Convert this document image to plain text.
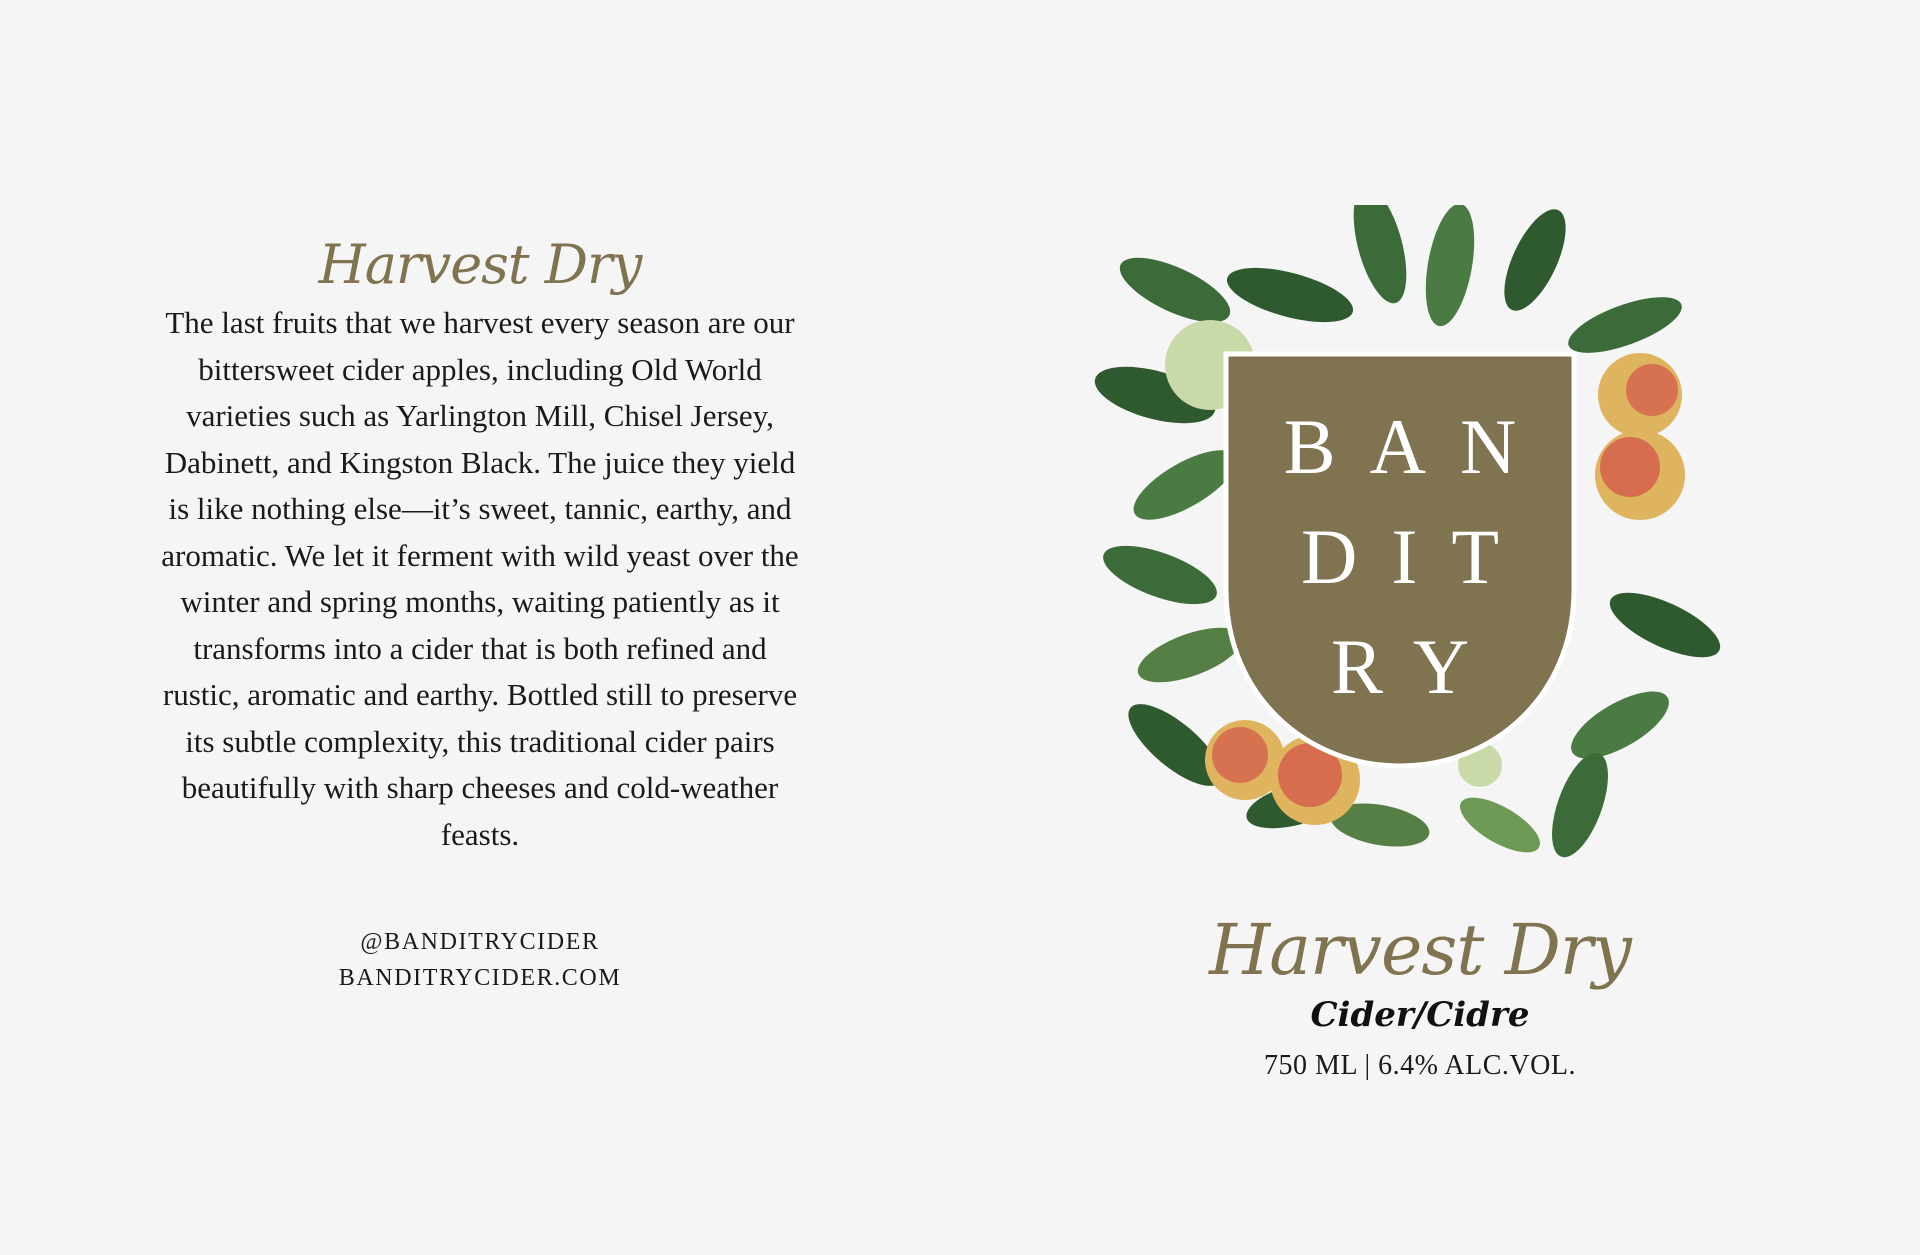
Harvest Dry

The last fruits that we harvest every season are our bittersweet cider apples, including Old World varieties such as Yarlington Mill, Chisel Jersey, Dabinett, and Kingston Black. The juice they yield is like nothing else—it’s sweet, tannic, earthy, and aromatic. We let it ferment with wild yeast over the winter and spring months, waiting patiently as it transforms into a cider that is both refined and rustic, aromatic and earthy. Bottled still to preserve its subtle complexity, this traditional cider pairs beautifully with sharp cheeses and cold-weather feasts.

@BANDITRYCIDER
BANDITRYCIDER.COM
BAN
DIT
RY
Harvest Dry
Cider/Cidre
750 ML | 6.4% ALC.VOL.
